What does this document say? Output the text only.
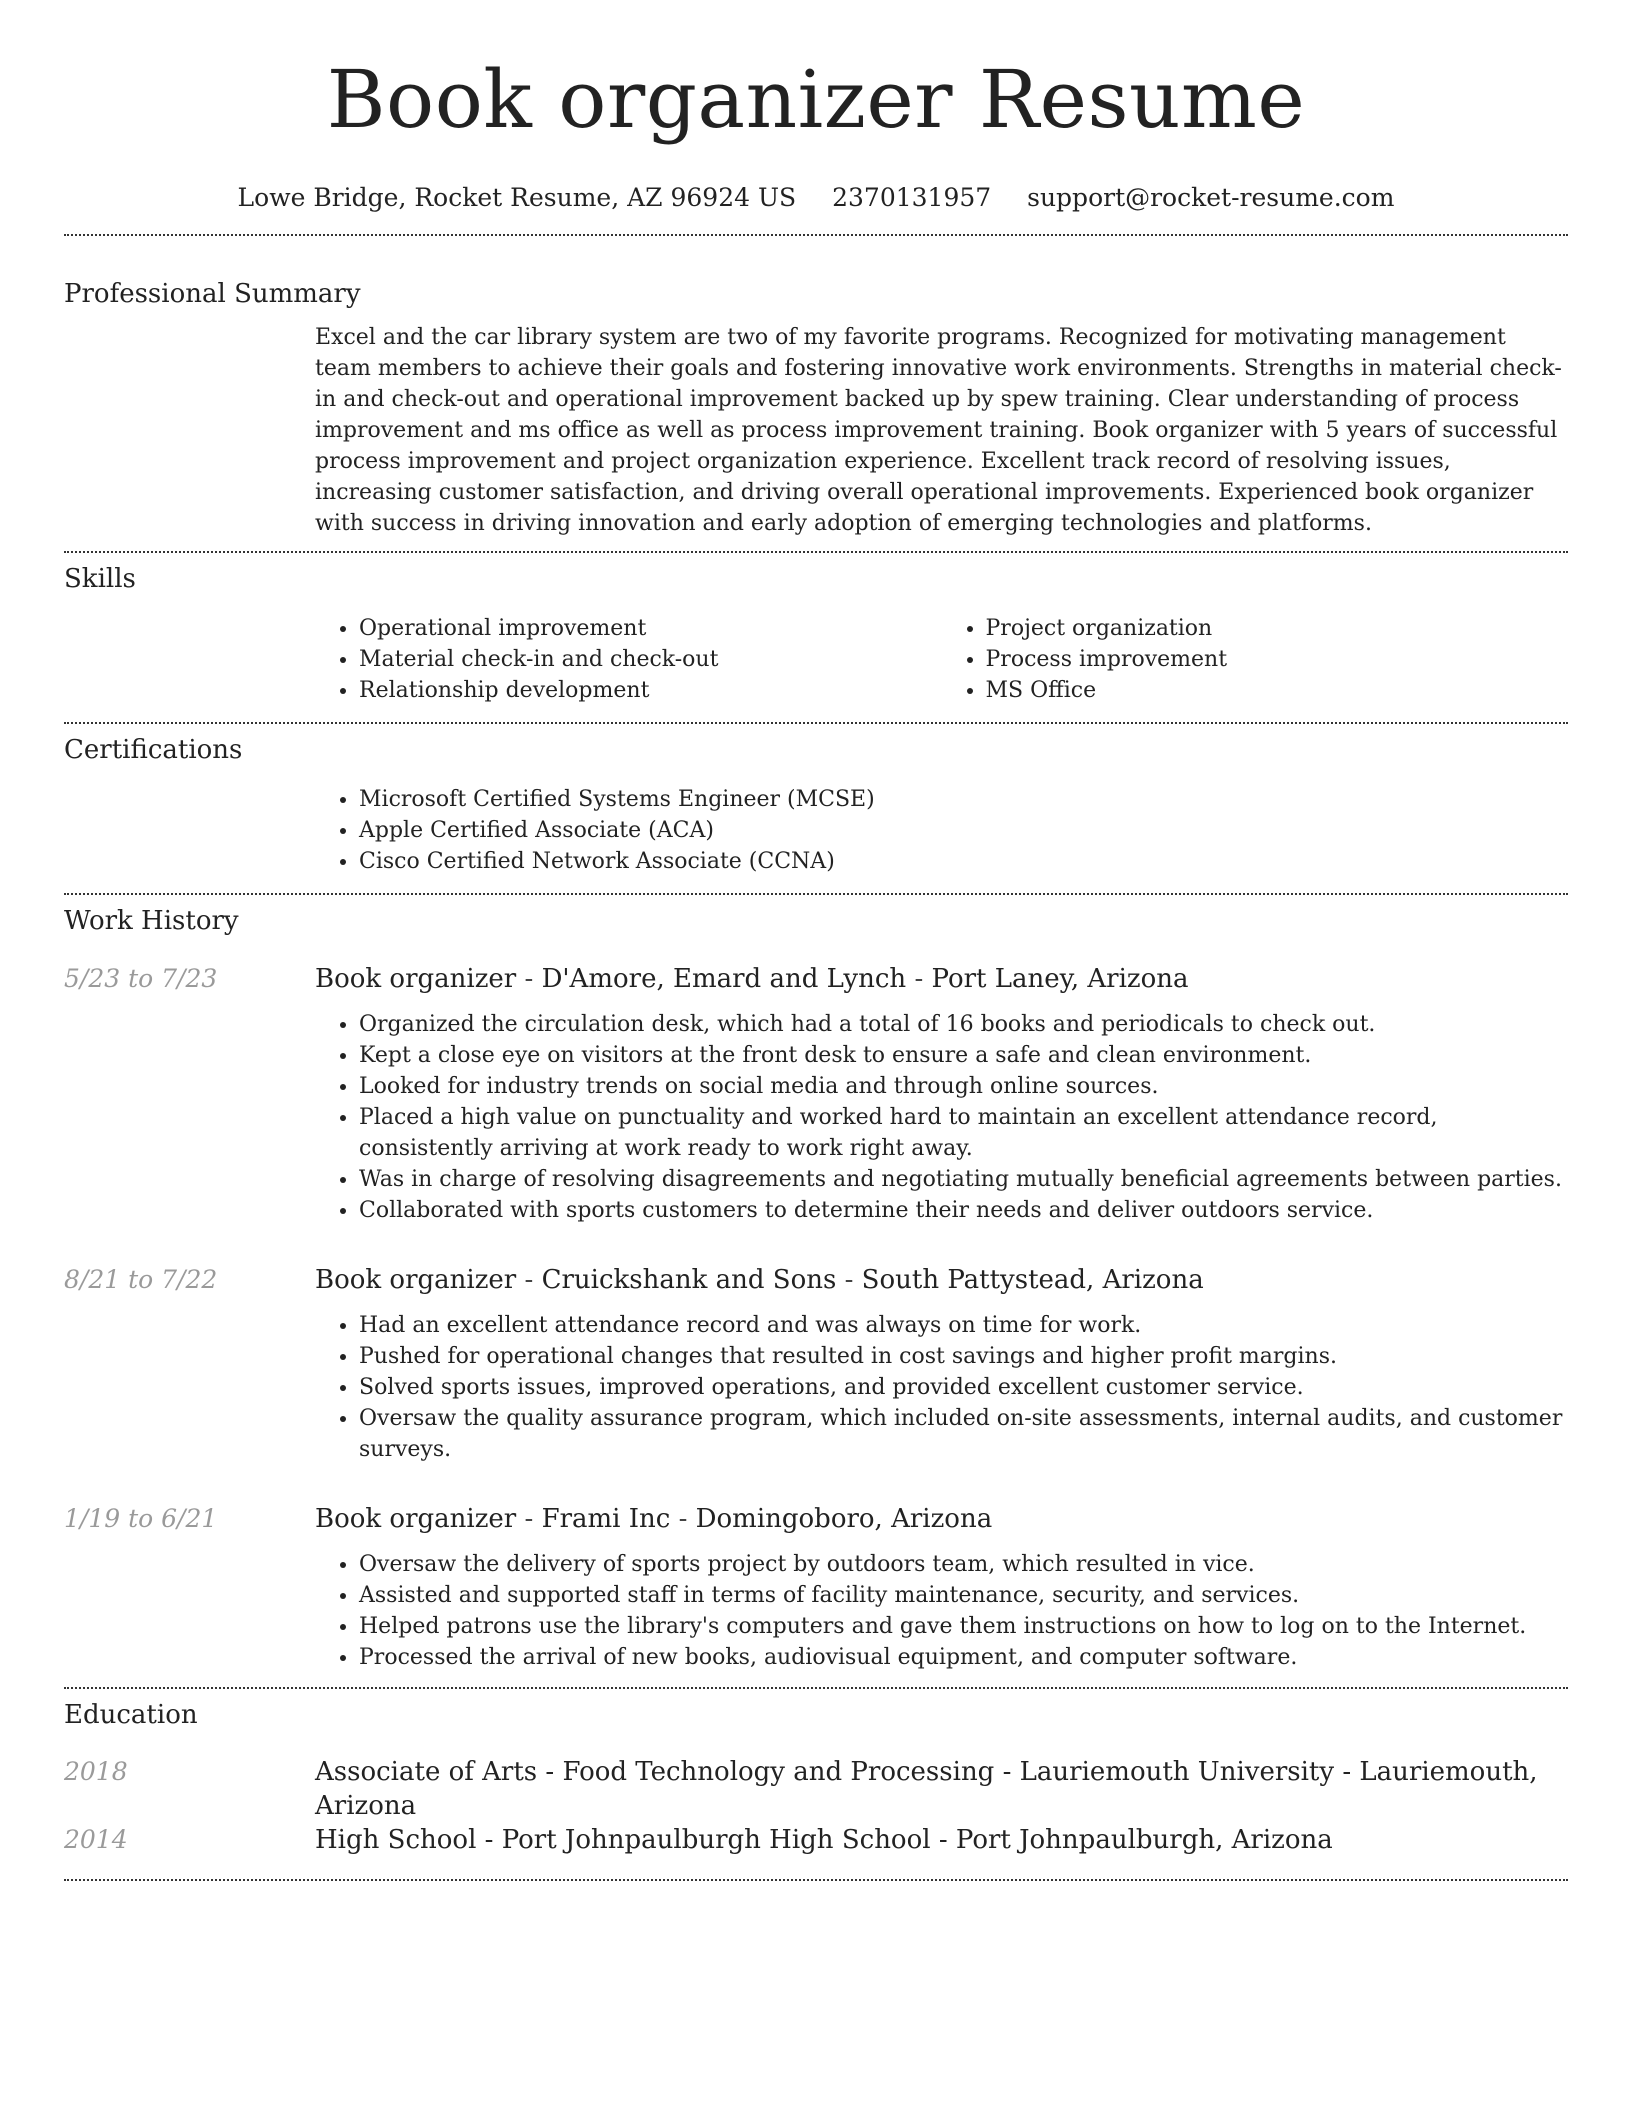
Book organizer Resume
Lowe Bridge, Rocket Resume, AZ 96924 US 2370131957 support@rocket-resume.com
Professional Summary

Excel and the car library system are two of my favorite programs. Recognized for motivating management team members to achieve their goals and fostering innovative work environments. Strengths in material check-in and check-out and operational improvement backed up by spew training. Clear understanding of process improvement and ms office as well as process improvement training. Book organizer with 5 years of successful process improvement and project organization experience. Excellent track record of resolving issues, increasing customer satisfaction, and driving overall operational improvements. Experienced book organizer with success in driving innovation and early adoption of emerging technologies and platforms.

Skills
• Operational improvement
• Material check-in and check-out
• Relationship development
• Project organization
• Process improvement
• MS Office
Certifications
• Microsoft Certified Systems Engineer (MCSE)
• Apple Certified Associate (ACA)
• Cisco Certified Network Associate (CCNA)
Work History
5/23 to 7/23	Book organizer - D'Amore, Emard and Lynch - Port Laney, Arizona

• Organized the circulation desk, which had a total of 16 books and periodicals to check out.
• Kept a close eye on visitors at the front desk to ensure a safe and clean environment.
• Looked for industry trends on social media and through online sources.
• Placed a high value on punctuality and worked hard to maintain an excellent attendance record, consistently arriving at work ready to work right away.
• Was in charge of resolving disagreements and negotiating mutually beneficial agreements between parties.
• Collaborated with sports customers to determine their needs and deliver outdoors service.
8/21 to 7/22	Book organizer - Cruickshank and Sons - South Pattystead, Arizona

• Had an excellent attendance record and was always on time for work.
• Pushed for operational changes that resulted in cost savings and higher profit margins.
• Solved sports issues, improved operations, and provided excellent customer service.
• Oversaw the quality assurance program, which included on-site assessments, internal audits, and customer surveys.
1/19 to 6/21	Book organizer - Frami Inc - Domingoboro, Arizona

• Oversaw the delivery of sports project by outdoors team, which resulted in vice.
• Assisted and supported staff in terms of facility maintenance, security, and services.
• Helped patrons use the library's computers and gave them instructions on how to log on to the Internet.
• Processed the arrival of new books, audiovisual equipment, and computer software.
Education
2018	Associate of Arts - Food Technology and Processing - Lauriemouth University - Lauriemouth, Arizona
2014	High School - Port Johnpaulburgh High School - Port Johnpaulburgh, Arizona
